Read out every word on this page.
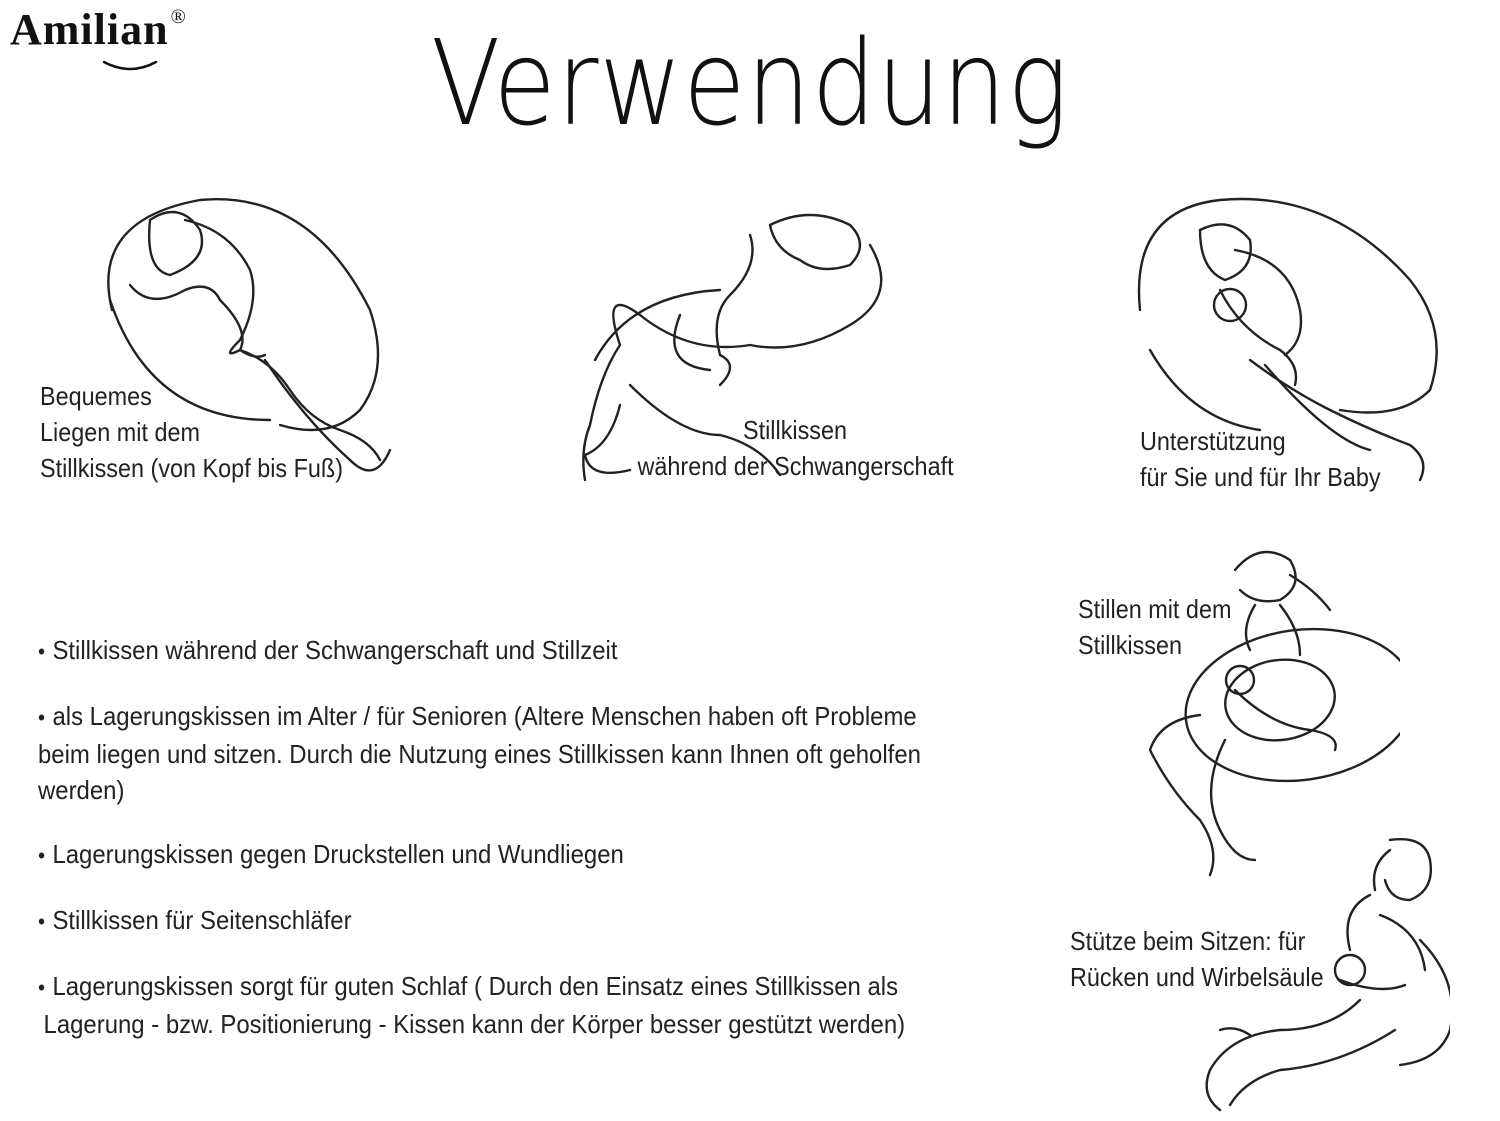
Amilian ®	Verwendung
Bequemes
Liegen mit dem
Stillkissen (von Kopf bis Fuß)
Stillkissen
während der Schwangerschaft
Unterstützung
für Sie und für Ihr Baby
Stillen mit dem
Stillkissen
Stütze beim Sitzen: für
Rücken und Wirbelsäule
• Stillkissen während der Schwangerschaft und Stillzeit
• als Lagerungskissen im Alter / für Senioren (Altere Menschen haben oft Probleme
beim liegen und sitzen. Durch die Nutzung eines Stillkissen kann Ihnen oft geholfen
werden)
• Lagerungskissen gegen Druckstellen und Wundliegen
• Stillkissen für Seitenschläfer
• Lagerungskissen sorgt für guten Schlaf ( Durch den Einsatz eines Stillkissen als
Lagerung - bzw. Positionierung - Kissen kann der Körper besser gestützt werden)
